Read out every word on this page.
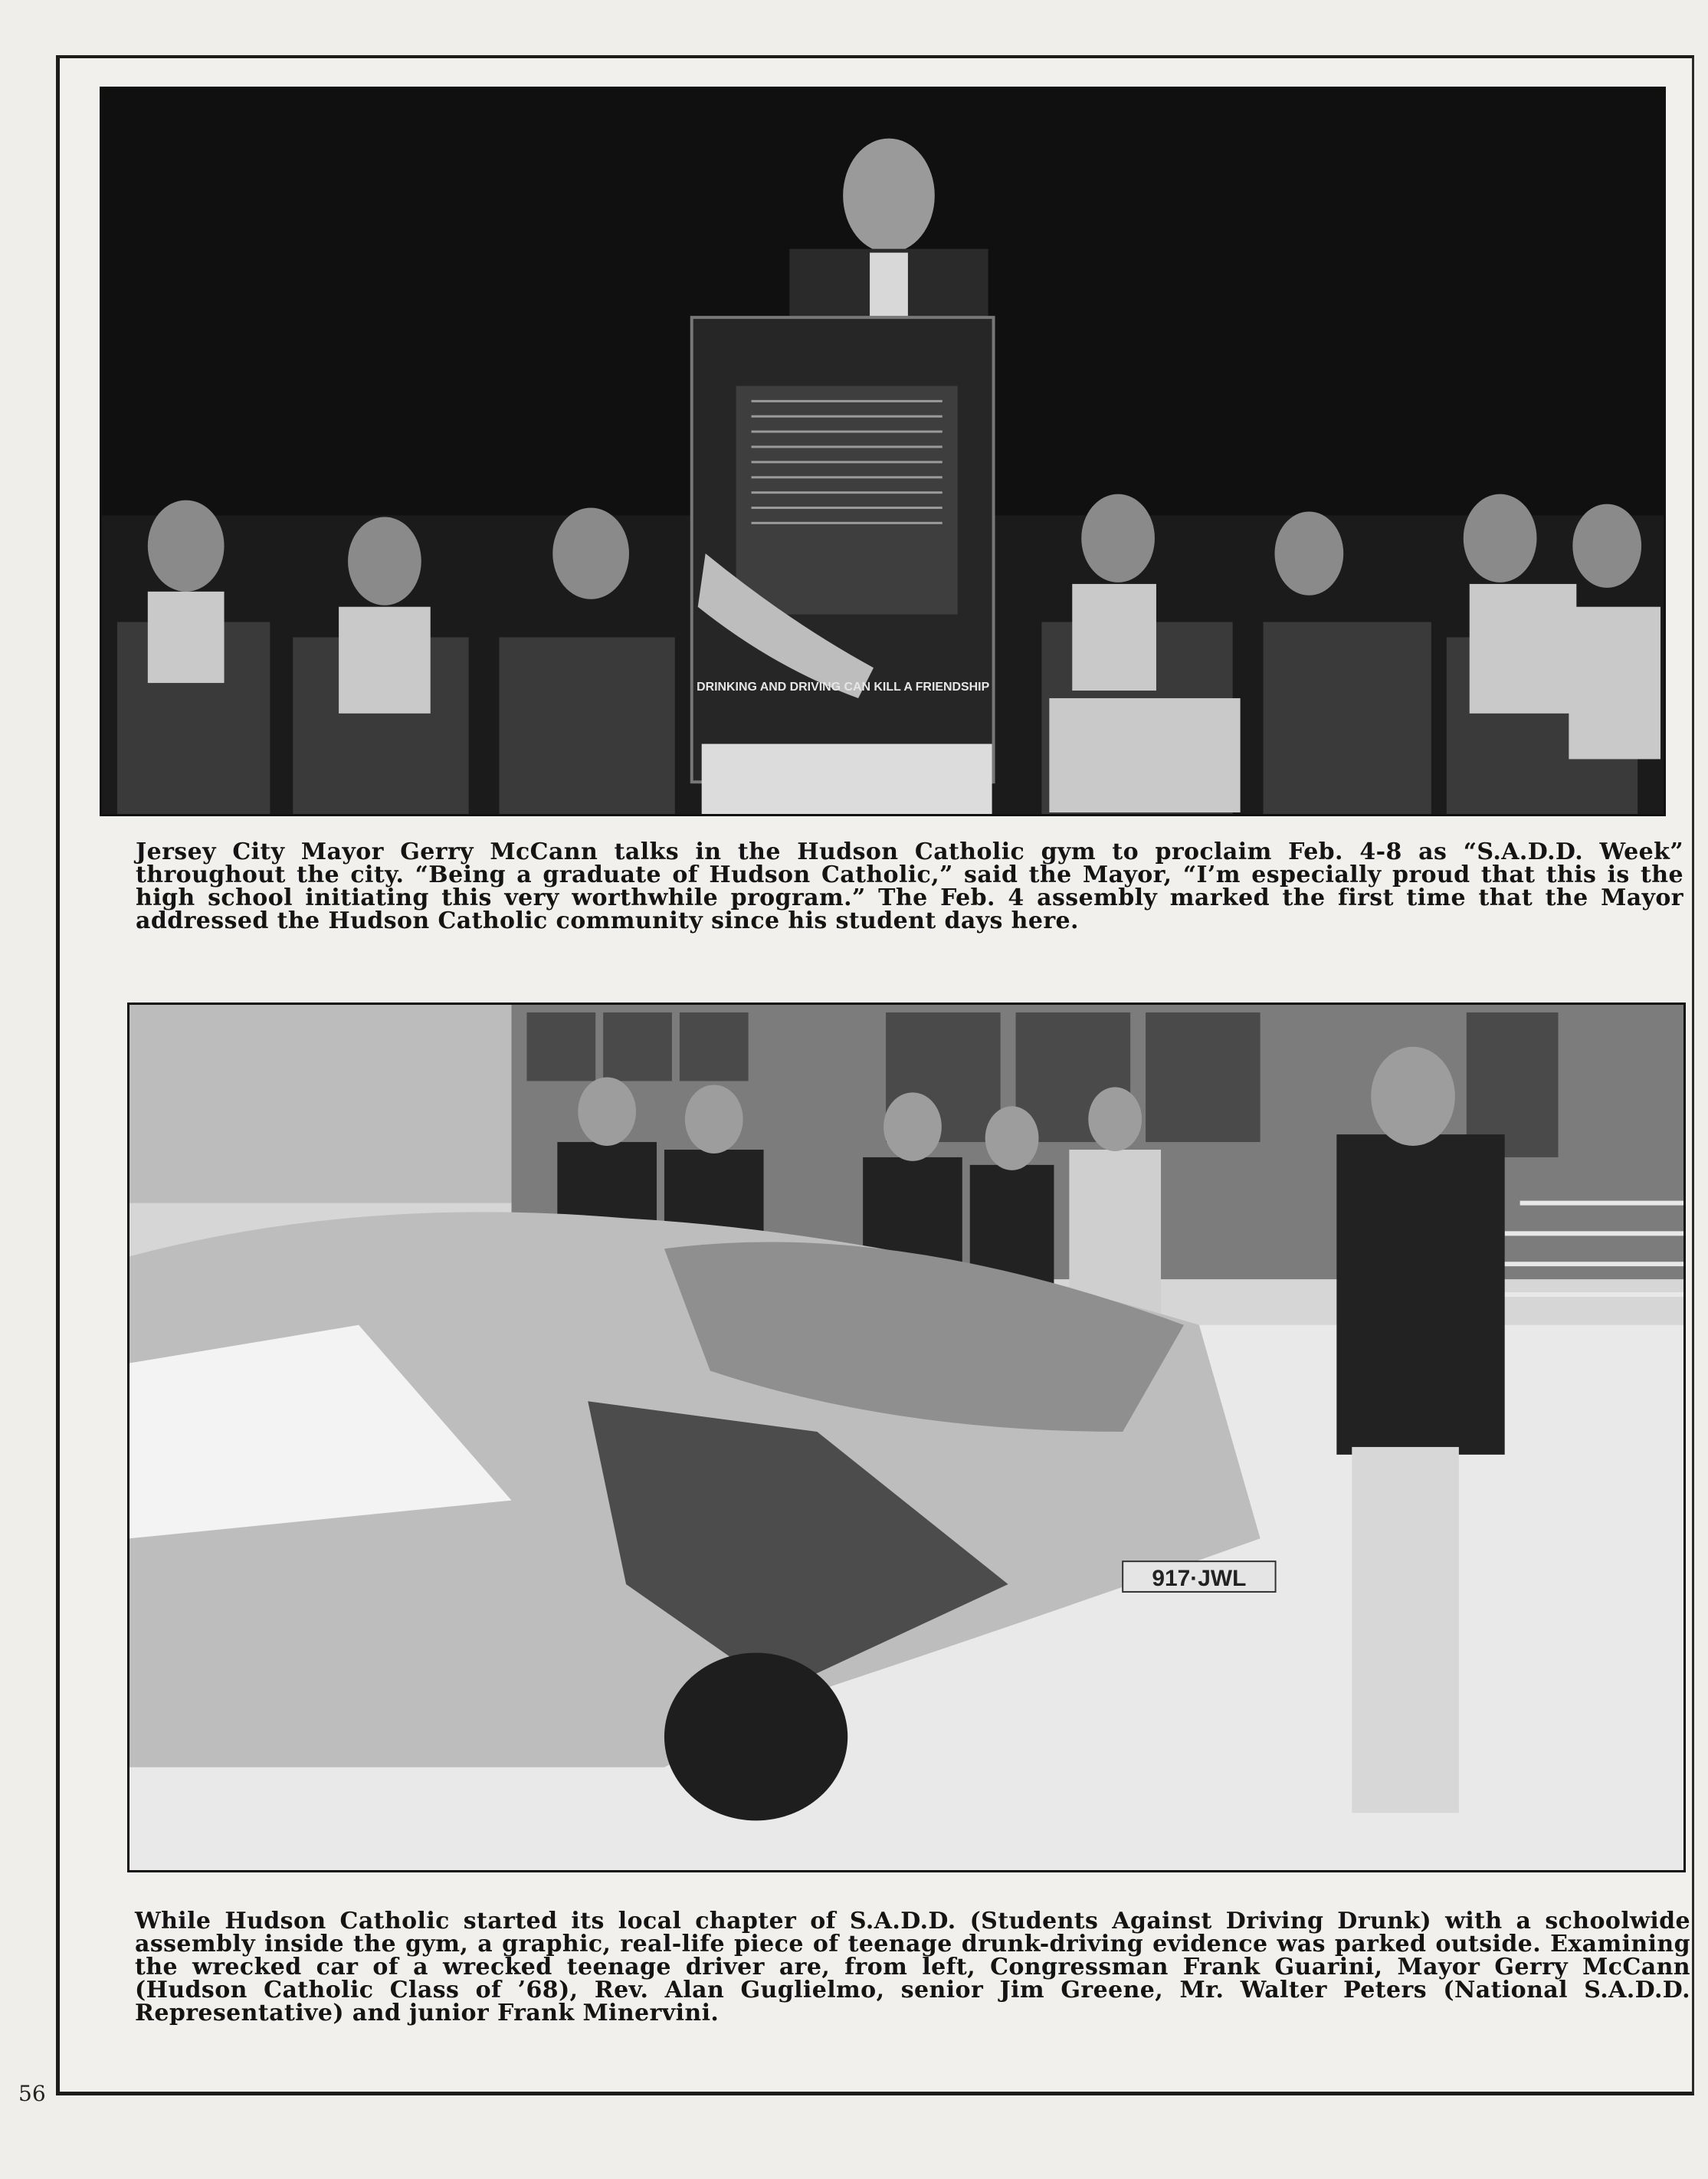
DRINKING AND DRIVING CAN KILL A FRIENDSHIP
Jersey City Mayor Gerry McCann talks in the Hudson Catholic gym to proclaim Feb. 4-8 as “S.A.D.D. Week” throughout the city. “Being a graduate of Hudson Catholic,” said the Mayor, “I’m especially proud that this is the high school initiating this very worthwhile program.” The Feb. 4 assembly marked the first time that the Mayor addressed the Hudson Catholic community since his student days here.
917·JWL
While Hudson Catholic started its local chapter of S.A.D.D. (Students Against Driving Drunk) with a schoolwide assembly inside the gym, a graphic, real-life piece of teenage drunk-driving evidence was parked outside. Examining the wrecked car of a wrecked teenage driver are, from left, Congressman Frank Guarini, Mayor Gerry McCann (Hudson Catholic Class of ’68), Rev. Alan Guglielmo, senior Jim Greene, Mr. Walter Peters (National S.A.D.D. Representative) and junior Frank Minervini.
56
